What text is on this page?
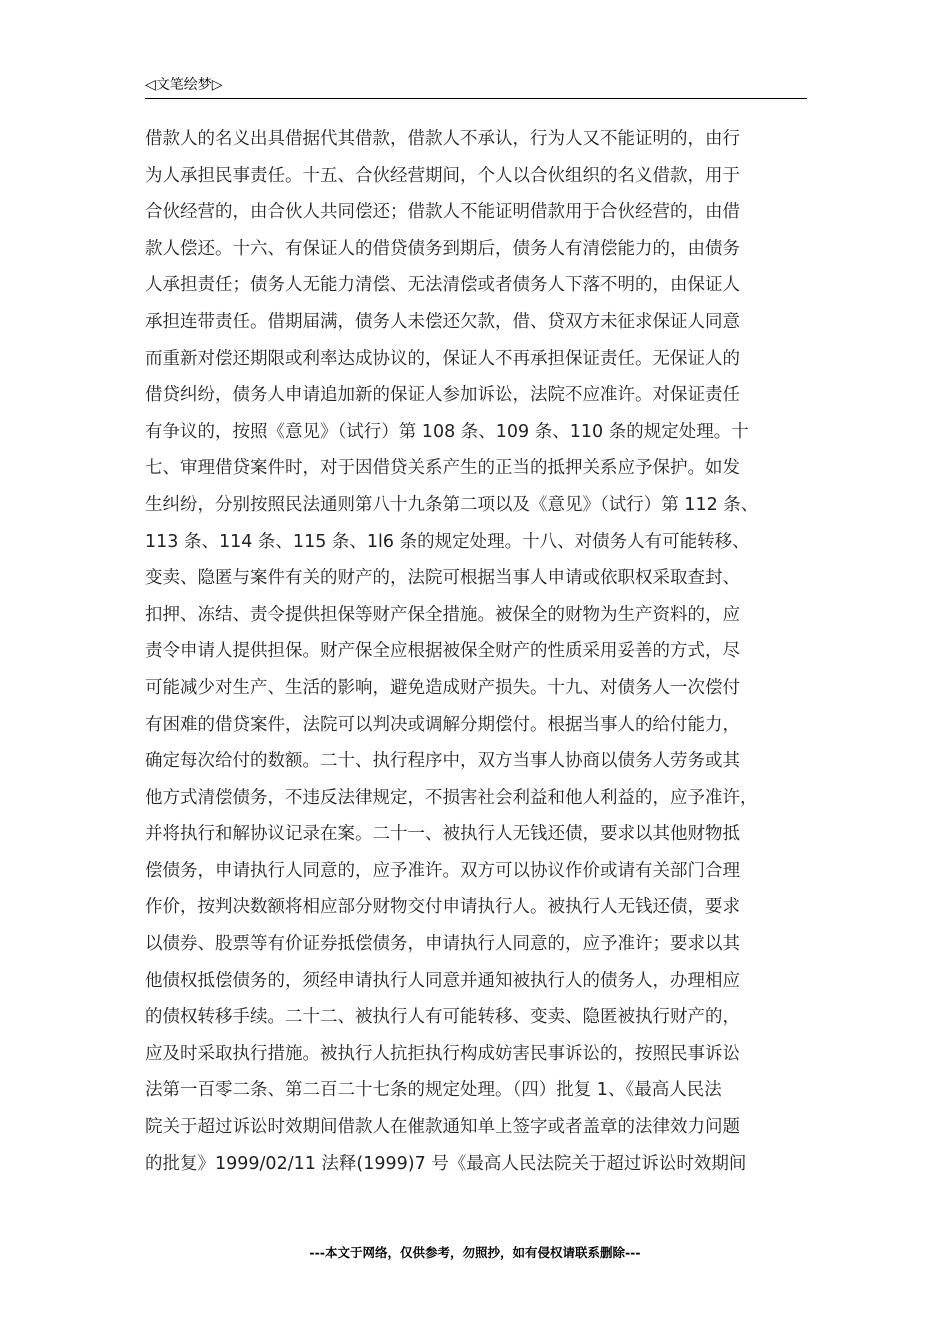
◁文笔绘梦▷
借款人的名义出具借据代其借款，借款人不承认，行为人又不能证明的，由行
为人承担民事责任。十五、合伙经营期间，个人以合伙组织的名义借款，用于
合伙经营的，由合伙人共同偿还；借款人不能证明借款用于合伙经营的，由借
款人偿还。十六、有保证人的借贷债务到期后，债务人有清偿能力的，由债务
人承担责任；债务人无能力清偿、无法清偿或者债务人下落不明的，由保证人
承担连带责任。借期届满，债务人未偿还欠款，借、贷双方未征求保证人同意
而重新对偿还期限或利率达成协议的，保证人不再承担保证责任。无保证人的
借贷纠纷，债务人申请追加新的保证人参加诉讼，法院不应准许。对保证责任
有争议的，按照《意见》（试行）第 108 条、109 条、110 条的规定处理。十
七、审理借贷案件时，对于因借贷关系产生的正当的抵押关系应予保护。如发
生纠纷，分别按照民法通则第八十九条第二项以及《意见》（试行）第 112 条、
113 条、114 条、115 条、1l6 条的规定处理。十八、对债务人有可能转移、
变卖、隐匿与案件有关的财产的，法院可根据当事人申请或依职权采取查封、
扣押、冻结、责令提供担保等财产保全措施。被保全的财物为生产资料的，应
责令申请人提供担保。财产保全应根据被保全财产的性质采用妥善的方式，尽
可能减少对生产、生活的影响，避免造成财产损失。十九、对债务人一次偿付
有困难的借贷案件，法院可以判决或调解分期偿付。根据当事人的给付能力，
确定每次给付的数额。二十、执行程序中，双方当事人协商以债务人劳务或其
他方式清偿债务，不违反法律规定，不损害社会利益和他人利益的，应予准许，
并将执行和解协议记录在案。二十一、被执行人无钱还债，要求以其他财物抵
偿债务，申请执行人同意的，应予准许。双方可以协议作价或请有关部门合理
作价，按判决数额将相应部分财物交付申请执行人。被执行人无钱还债，要求
以债券、股票等有价证券抵偿债务，申请执行人同意的，应予准许；要求以其
他债权抵偿债务的，须经申请执行人同意并通知被执行人的债务人，办理相应
的债权转移手续。二十二、被执行人有可能转移、变卖、隐匿被执行财产的，
应及时采取执行措施。被执行人抗拒执行构成妨害民事诉讼的，按照民事诉讼
法第一百零二条、第二百二十七条的规定处理。（四）批复 1、《最高人民法
院关于超过诉讼时效期间借款人在催款通知单上签字或者盖章的法律效力问题
的批复》1999/02/11 法释(1999)7 号《最高人民法院关于超过诉讼时效期间
---本文于网络，仅供参考，勿照抄，如有侵权请联系删除---
